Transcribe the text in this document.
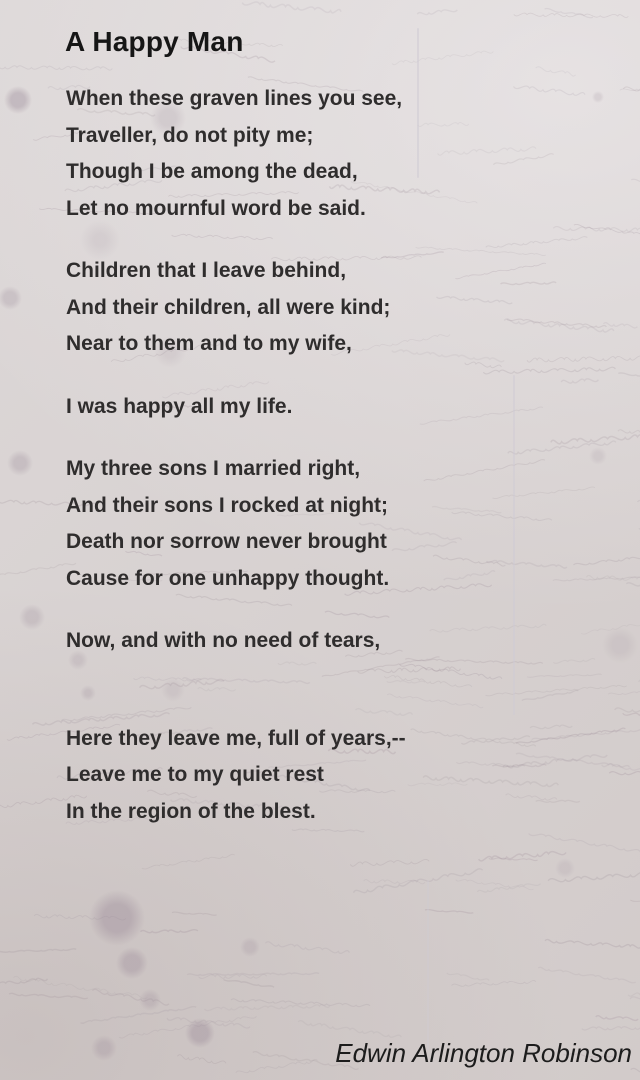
A Happy Man
When these graven lines you see,
Traveller, do not pity me;
Though I be among the dead,
Let no mournful word be said.
Children that I leave behind,
And their children, all were kind;
Near to them and to my wife,
I was happy all my life.
My three sons I married right,
And their sons I rocked at night;
Death nor sorrow never brought
Cause for one unhappy thought.
Now, and with no need of tears,
Here they leave me, full of years,--
Leave me to my quiet rest
In the region of the blest.
Edwin Arlington Robinson
